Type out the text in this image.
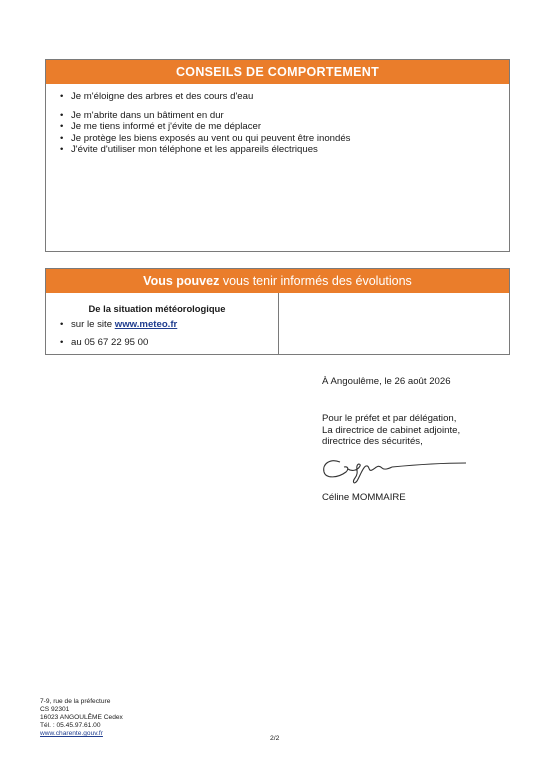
CONSEILS DE COMPORTEMENT
• Je m'éloigne des arbres et des cours d'eau
• Je m'abrite dans un bâtiment en dur
• Je me tiens informé et j'évite de me déplacer
• Je protège les biens exposés au vent ou qui peuvent être inondés
• J'évite d'utiliser mon téléphone et les appareils électriques
Vous pouvez vous tenir informés des évolutions
De la situation météorologique
• sur le site www.meteo.fr
• au 05 67 22 95 00
À Angoulême, le 26 août 2026
Pour le préfet et par délégation,
La directrice de cabinet adjointe,
directrice des sécurités,
Céline MOMMAIRE
7-9, rue de la préfecture
CS 92301
16023 ANGOULÊME Cedex
Tél. : 05.45.97.61.00
www.charente.gouv.fr
2/2
